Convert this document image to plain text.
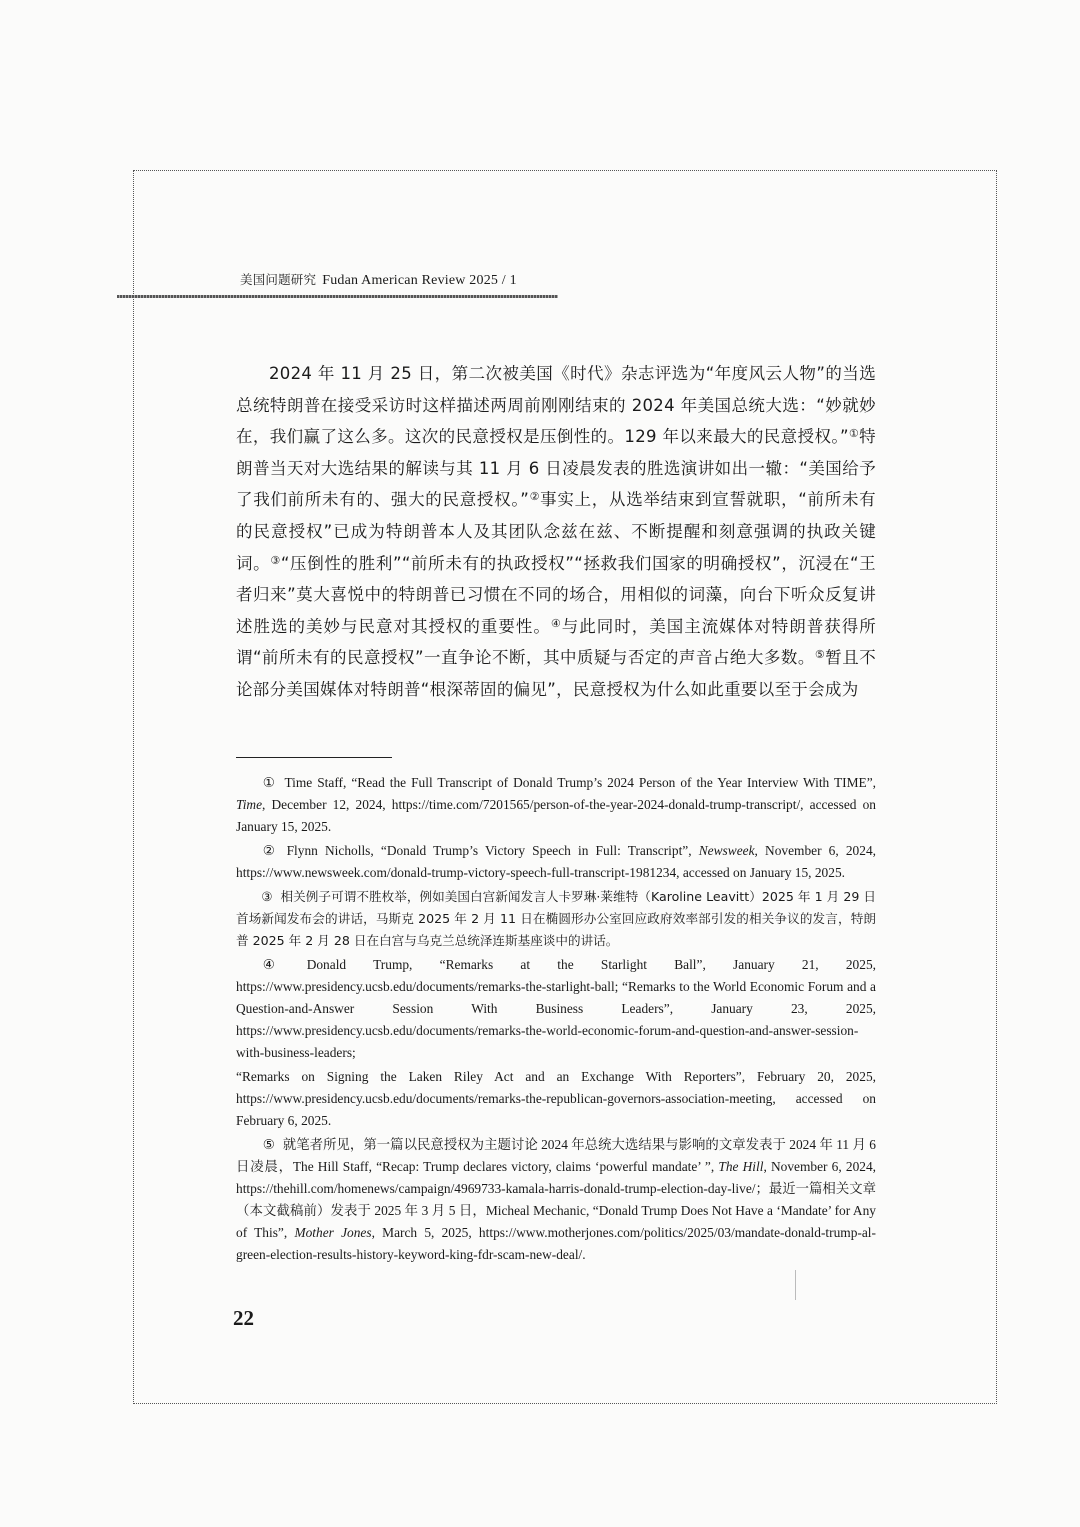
美国问题研究 Fudan American Review 2025 / 1

2024 年 11 月 25 日，第二次被美国《时代》杂志评选为“年度风云人物”的当选总统特朗普在接受采访时这样描述两周前刚刚结束的 2024 年美国总统大选：“妙就妙在，我们赢了这么多。这次的民意授权是压倒性的。129 年以来最大的民意授权。”①特朗普当天对大选结果的解读与其 11 月 6 日凌晨发表的胜选演讲如出一辙：“美国给予了我们前所未有的、强大的民意授权。”②事实上，从选举结束到宣誓就职，“前所未有的民意授权”已成为特朗普本人及其团队念兹在兹、不断提醒和刻意强调的执政关键词。③“压倒性的胜利”“前所未有的执政授权”“拯救我们国家的明确授权”，沉浸在“王者归来”莫大喜悦中的特朗普已习惯在不同的场合，用相似的词藻，向台下听众反复讲述胜选的美妙与民意对其授权的重要性。④与此同时，美国主流媒体对特朗普获得所谓“前所未有的民意授权”一直争论不断，其中质疑与否定的声音占绝大多数。⑤暂且不论部分美国媒体对特朗普“根深蒂固的偏见”，民意授权为什么如此重要以至于会成为

① Time Staff, “Read the Full Transcript of Donald Trump’s 2024 Person of the Year Interview With TIME”, Time, December 12, 2024, https://time.com/7201565/person-of-the-year-2024-donald-trump-transcript/, accessed on January 15, 2025.

② Flynn Nicholls, “Donald Trump’s Victory Speech in Full: Transcript”, Newsweek, November 6, 2024, https://www.newsweek.com/donald-trump-victory-speech-full-transcript-1981234, accessed on January 15, 2025.

③ 相关例子可谓不胜枚举，例如美国白宫新闻发言人卡罗琳·莱维特（Karoline Leavitt）2025 年 1 月 29 日首场新闻发布会的讲话，马斯克 2025 年 2 月 11 日在椭圆形办公室回应政府效率部引发的相关争议的发言，特朗普 2025 年 2 月 28 日在白宫与乌克兰总统泽连斯基座谈中的讲话。

④ Donald Trump, “Remarks at the Starlight Ball”, January 21, 2025, https://www.presidency.ucsb.edu/documents/remarks-the-starlight-ball; “Remarks to the World Economic Forum and a Question-and-Answer Session With Business Leaders”, January 23, 2025, https://www.presidency.ucsb.edu/documents/remarks-the-world-economic-forum-and-question-and-answer-session-with-business-leaders;

“Remarks on Signing the Laken Riley Act and an Exchange With Reporters”, February 20, 2025, https://www.presidency.ucsb.edu/documents/remarks-the-republican-governors-association-meeting, accessed on February 6, 2025.

⑤ 就笔者所见，第一篇以民意授权为主题讨论 2024 年总统大选结果与影响的文章发表于 2024 年 11 月 6 日凌晨，The Hill Staff, “Recap: Trump declares victory, claims ‘powerful mandate’ ”, The Hill, November 6, 2024, https://thehill.com/homenews/campaign/4969733-kamala-harris-donald-trump-election-day-live/；最近一篇相关文章（本文截稿前）发表于 2025 年 3 月 5 日，Micheal Mechanic, “Donald Trump Does Not Have a ‘Mandate’ for Any of This”, Mother Jones, March 5, 2025, https://www.motherjones.com/politics/2025/03/mandate-donald-trump-al-green-election-results-history-keyword-king-fdr-scam-new-deal/.

22
